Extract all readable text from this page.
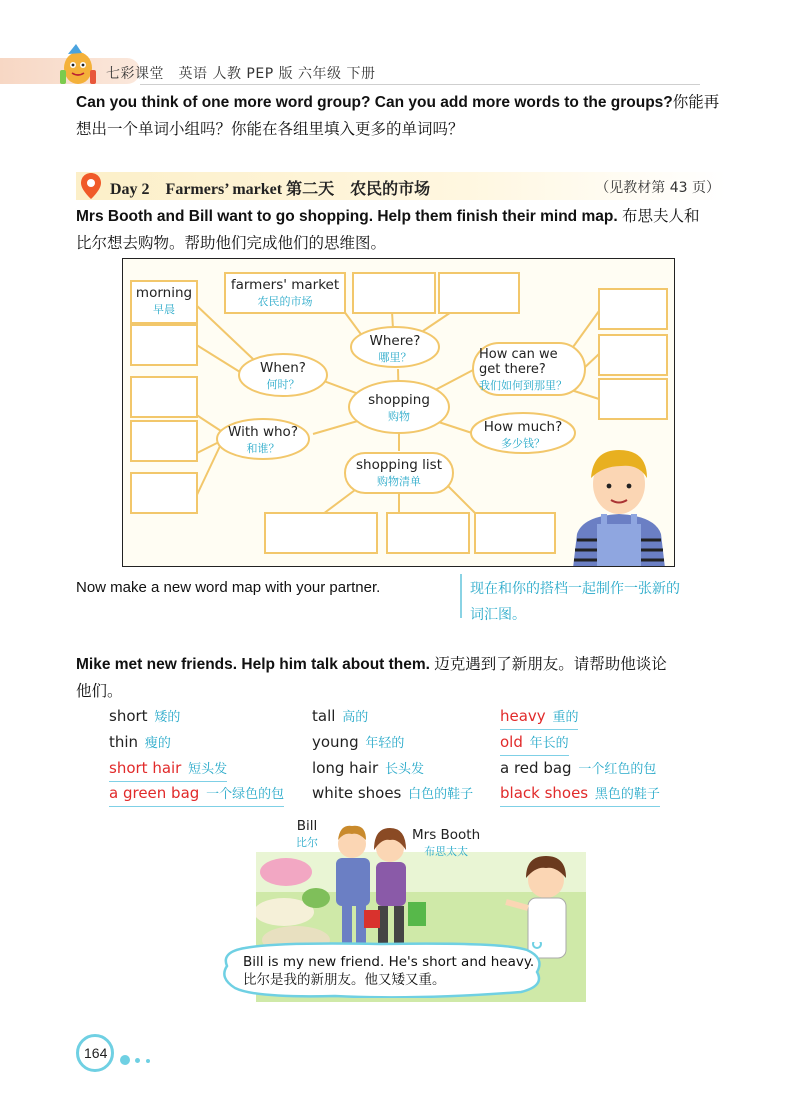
七彩课堂　英语 人教 PEP 版 六年级 下册
Can you think of one more word group? Can you add more words to the groups?你能再
想出一个单词小组吗？你能在各组里填入更多的单词吗？
Day 2　Farmers’ market 第二天　农民的市场	（见教材第 43 页）
Mrs Booth and Bill want to go shopping. Help them finish their mind map. 布思夫人和
比尔想去购物。帮助他们完成他们的思维图。
shopping
购物
Where?
哪里？
When?
何时？
With who?
和谁？
How can we get there?
我们如何到那里？
How much?
多少钱？
shopping list
购物清单
farmers' market
农民的市场
morning
早晨
Now make a new word map with your partner.	现在和你的搭档一起制作一张新的
词汇图。
Mike met new friends. Help him talk about them. 迈克遇到了新朋友。请帮助他谈论
他们。
short 矮的	tall 高的	heavy 重的
thin 瘦的	young 年轻的	old 年长的
short hair 短头发	long hair 长头发	a red bag 一个红色的包
a green bag 一个绿色的包 white shoes 白色的鞋子 black shoes 黑色的鞋子
Bill
比尔	Mrs Booth
布思太太
Bill is my new friend. He's short and heavy.
比尔是我的新朋友。他又矮又重。
164
